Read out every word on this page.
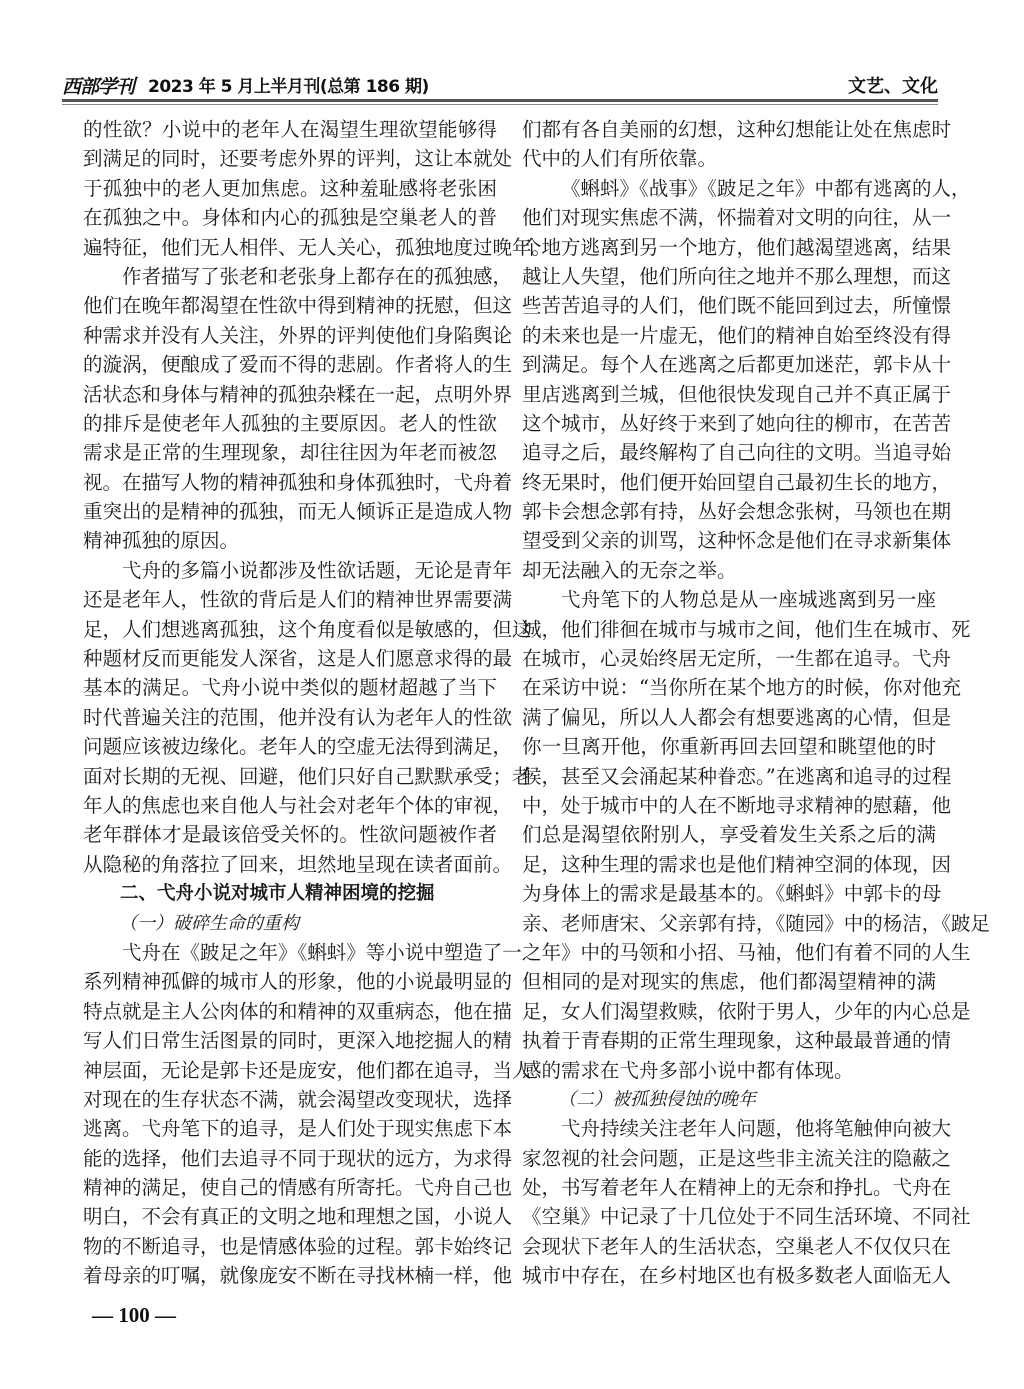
西部学刊 2023 年 5 月上半月刊(总第 186 期)	文艺、文化
的性欲？小说中的老年人在渴望生理欲望能够得
到满足的同时，还要考虑外界的评判，这让本就处
于孤独中的老人更加焦虑。这种羞耻感将老张困
在孤独之中。身体和内心的孤独是空巢老人的普
遍特征，他们无人相伴、无人关心，孤独地度过晚年。
作者描写了张老和老张身上都存在的孤独感，
他们在晚年都渴望在性欲中得到精神的抚慰，但这
种需求并没有人关注，外界的评判使他们身陷舆论
的漩涡，便酿成了爱而不得的悲剧。作者将人的生
活状态和身体与精神的孤独杂糅在一起，点明外界
的排斥是使老年人孤独的主要原因。老人的性欲
需求是正常的生理现象，却往往因为年老而被忽
视。在描写人物的精神孤独和身体孤独时，弋舟着
重突出的是精神的孤独，而无人倾诉正是造成人物
精神孤独的原因。
弋舟的多篇小说都涉及性欲话题，无论是青年
还是老年人，性欲的背后是人们的精神世界需要满
足，人们想逃离孤独，这个角度看似是敏感的，但这
种题材反而更能发人深省，这是人们愿意求得的最
基本的满足。弋舟小说中类似的题材超越了当下
时代普遍关注的范围，他并没有认为老年人的性欲
问题应该被边缘化。老年人的空虚无法得到满足，
面对长期的无视、回避，他们只好自己默默承受；老
年人的焦虑也来自他人与社会对老年个体的审视，
老年群体才是最该倍受关怀的。性欲问题被作者
从隐秘的角落拉了回来，坦然地呈现在读者面前。
二、弋舟小说对城市人精神困境的挖掘
（一）破碎生命的重构
弋舟在《跛足之年》《蝌蚪》等小说中塑造了一
系列精神孤僻的城市人的形象，他的小说最明显的
特点就是主人公肉体的和精神的双重病态，他在描
写人们日常生活图景的同时，更深入地挖掘人的精
神层面，无论是郭卡还是庞安，他们都在追寻，当人
对现在的生存状态不满，就会渴望改变现状，选择
逃离。弋舟笔下的追寻，是人们处于现实焦虑下本
能的选择，他们去追寻不同于现状的远方，为求得
精神的满足，使自己的情感有所寄托。弋舟自己也
明白，不会有真正的文明之地和理想之国，小说人
物的不断追寻，也是情感体验的过程。郭卡始终记
着母亲的叮嘱，就像庞安不断在寻找林楠一样，他
们都有各自美丽的幻想，这种幻想能让处在焦虑时
代中的人们有所依靠。
《蝌蚪》《战事》《跛足之年》中都有逃离的人，
他们对现实焦虑不满，怀揣着对文明的向往，从一
个地方逃离到另一个地方，他们越渴望逃离，结果
越让人失望，他们所向往之地并不那么理想，而这
些苦苦追寻的人们，他们既不能回到过去，所憧憬
的未来也是一片虚无，他们的精神自始至终没有得
到满足。每个人在逃离之后都更加迷茫，郭卡从十
里店逃离到兰城，但他很快发现自己并不真正属于
这个城市，丛好终于来到了她向往的柳市，在苦苦
追寻之后，最终解构了自己向往的文明。当追寻始
终无果时，他们便开始回望自己最初生长的地方，
郭卡会想念郭有持，丛好会想念张树，马领也在期
望受到父亲的训骂，这种怀念是他们在寻求新集体
却无法融入的无奈之举。
弋舟笔下的人物总是从一座城逃离到另一座
城，他们徘徊在城市与城市之间，他们生在城市、死
在城市，心灵始终居无定所，一生都在追寻。弋舟
在采访中说：“当你所在某个地方的时候，你对他充
满了偏见，所以人人都会有想要逃离的心情，但是
你一旦离开他，你重新再回去回望和眺望他的时
候，甚至又会涌起某种眷恋。”在逃离和追寻的过程
中，处于城市中的人在不断地寻求精神的慰藉，他
们总是渴望依附别人，享受着发生关系之后的满
足，这种生理的需求也是他们精神空洞的体现，因
为身体上的需求是最基本的。《蝌蚪》中郭卡的母
亲、老师唐宋、父亲郭有持，《随园》中的杨洁，《跛足
之年》中的马领和小招、马袖，他们有着不同的人生
但相同的是对现实的焦虑，他们都渴望精神的满
足，女人们渴望救赎，依附于男人，少年的内心总是
执着于青春期的正常生理现象，这种最最普通的情
感的需求在弋舟多部小说中都有体现。
（二）被孤独侵蚀的晚年
弋舟持续关注老年人问题，他将笔触伸向被大
家忽视的社会问题，正是这些非主流关注的隐蔽之
处，书写着老年人在精神上的无奈和挣扎。弋舟在
《空巢》中记录了十几位处于不同生活环境、不同社
会现状下老年人的生活状态，空巢老人不仅仅只在
城市中存在，在乡村地区也有极多数老人面临无人
— 100 —
